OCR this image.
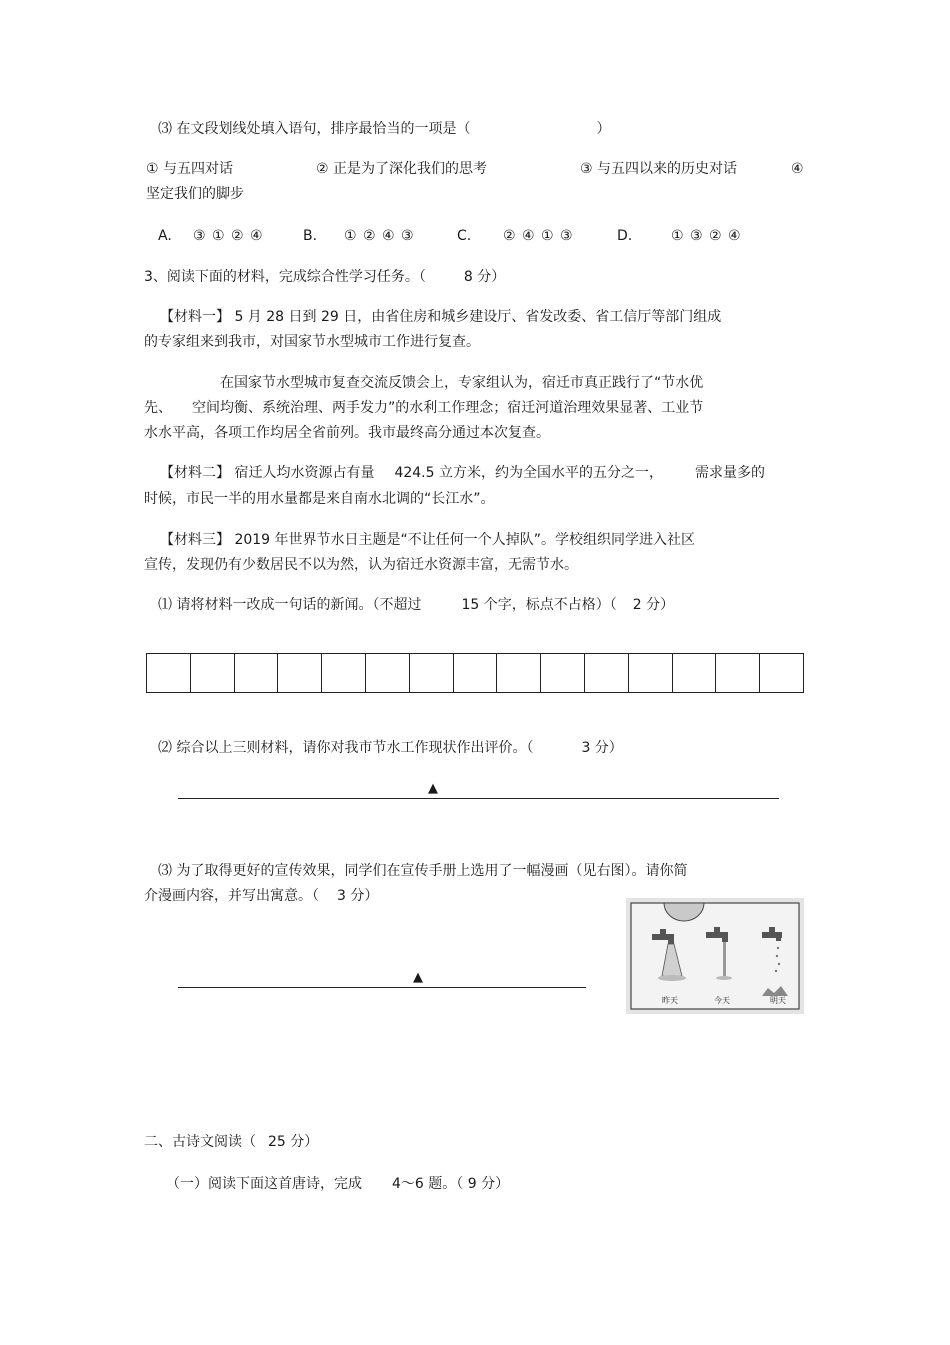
⑶ 在文段划线处填入语句，排序最恰当的一项是（	）
① 与五四对话	② 正是为了深化我们的思考	③ 与五四以来的历史对话	④
坚定我们的脚步
A. ③ ① ② ④	B. ① ② ④ ③	C. ② ④ ① ③	D.	① ③ ② ④
3、阅读下面的材料，完成综合性学习任务。（	8 分）
【材料一】 5 月 28 日到 29 日，由省住房和城乡建设厅、省发改委、省工信厅等部门组成
的专家组来到我市，对国家节水型城市工作进行复查。
在国家节水型城市复查交流反馈会上，专家组认为，宿迁市真正践行了“节水优
先、 空间均衡、系统治理、两手发力”的水利工作理念；宿迁河道治理效果显著、工业节
水水平高，各项工作均居全省前列。我市最终高分通过本次复查。
【材料二】 宿迁人均水资源占有量 424.5 立方米，约为全国水平的五分之一， 需求量多的
时候，市民一半的用水量都是来自南水北调的“长江水”。
【材料三】 2019 年世界节水日主题是“不让任何一个人掉队”。学校组织同学进入社区
宣传，发现仍有少数居民不以为然，认为宿迁水资源丰富，无需节水。
⑴ 请将材料一改成一句话的新闻。（不超过	15 个字，标点不占格）（ 2 分）
⑵ 综合以上三则材料，请你对我市节水工作现状作出评价。（	3 分）
▲
⑶ 为了取得更好的宣传效果，同学们在宣传手册上选用了一幅漫画（见右图）。请你简
介漫画内容，并写出寓意。（ 3 分）
▲
昨天	今天	明天
二、古诗文阅读（ 25 分）
（一）阅读下面这首唐诗，完成 4～6 题。（ 9 分）
